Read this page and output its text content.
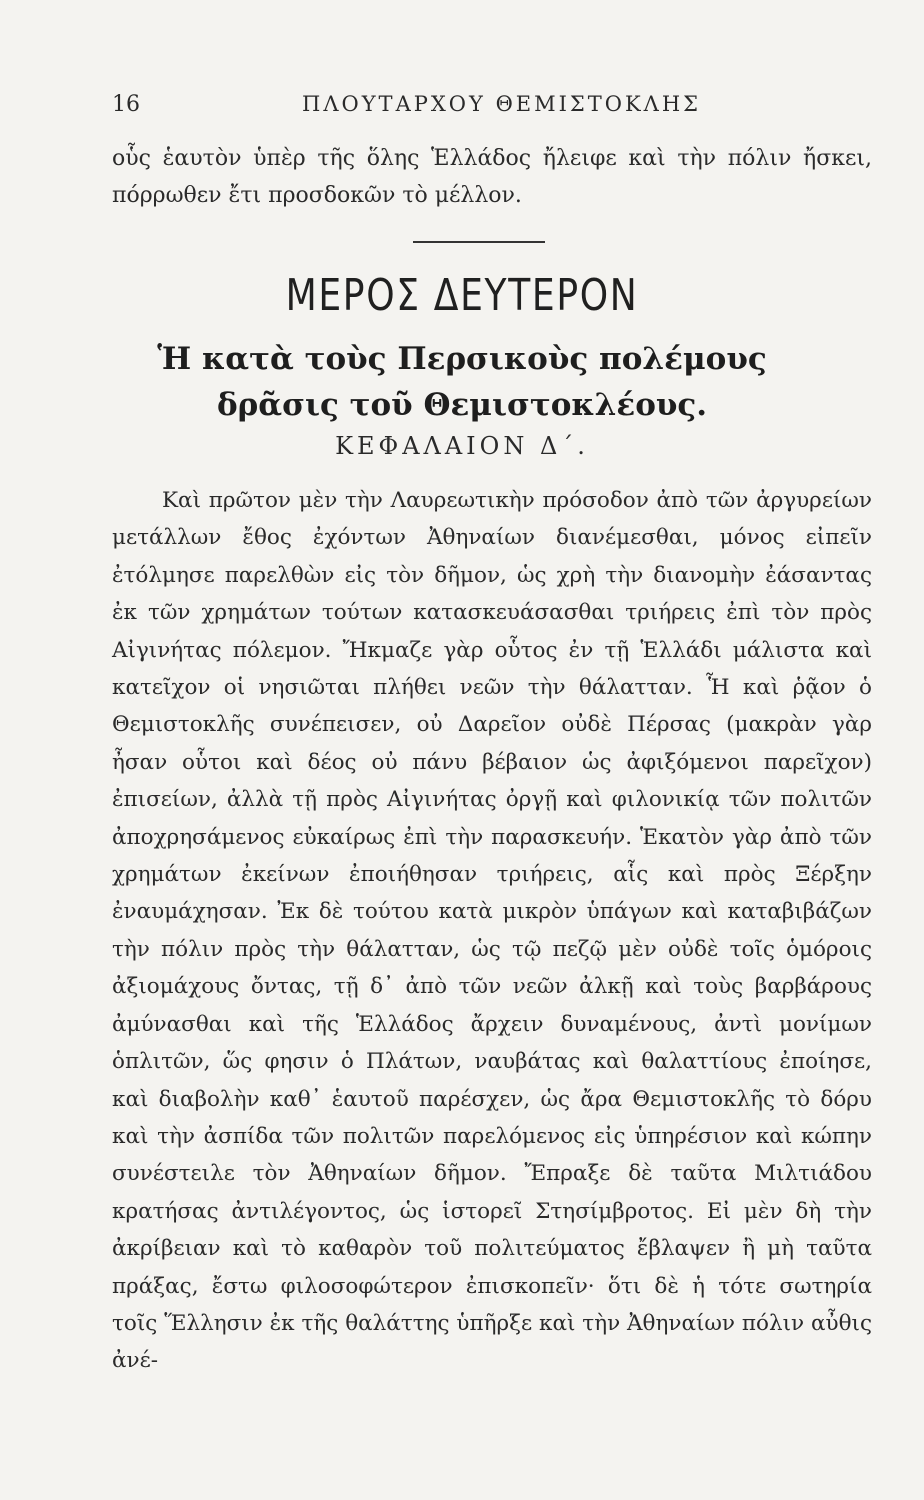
16	ΠΛΟΥΤΑΡΧΟΥ ΘΕΜΙΣΤΟΚΛΗΣ

οὗς ἑαυτὸν ὑπὲρ τῆς ὅλης Ἑλλάδος ἤλειφε καὶ τὴν πόλιν ἤσκει, πόρρωθεν ἔτι προσδοκῶν τὸ μέλλον.

ΜΕΡΟΣ ΔΕΥΤΕΡΟΝ

Ἡ κατὰ τοὺς Περσικοὺς πολέμους

δρᾶσις τοῦ Θεμιστοκλέους.

ΚΕΦΑΛΑΙΟΝ Δ΄.

Καὶ πρῶτον μὲν τὴν Λαυρεωτικὴν πρόσοδον ἀπὸ τῶν ἀργυρείων μετάλλων ἔθος ἐχόντων Ἀθηναίων διανέμεσθαι, μόνος εἰπεῖν ἐτόλμησε παρελθὼν εἰς τὸν δῆμον, ὡς χρὴ τὴν διανομὴν ἐάσαντας ἐκ τῶν χρημάτων τούτων κατασκευάσασθαι τριήρεις ἐπὶ τὸν πρὸς Αἰγινήτας πόλεμον. Ἤκμαζε γὰρ οὗτος ἐν τῇ Ἑλλάδι μάλιστα καὶ κατεῖχον οἱ νησιῶται πλήθει νεῶν τὴν θάλατταν. Ἧ καὶ ῥᾷον ὁ Θεμιστοκλῆς συνέπεισεν, οὐ Δαρεῖον οὐδὲ Πέρσας (μακρὰν γὰρ ἦσαν οὗτοι καὶ δέος οὐ πάνυ βέβαιον ὡς ἀφιξόμενοι παρεῖχον) ἐπισείων, ἀλλὰ τῇ πρὸς Αἰγινήτας ὀργῇ καὶ φιλονικίᾳ τῶν πολιτῶν ἀποχρησάμενος εὐκαίρως ἐπὶ τὴν παρασκευήν. Ἑκατὸν γὰρ ἀπὸ τῶν χρημάτων ἐκείνων ἐποιήθησαν τριήρεις, αἷς καὶ πρὸς Ξέρξην ἐναυμάχησαν. Ἐκ δὲ τούτου κατὰ μικρὸν ὑπάγων καὶ καταβιβάζων τὴν πόλιν πρὸς τὴν θάλατταν, ὡς τῷ πεζῷ μὲν οὐδὲ τοῖς ὁμόροις ἀξιομάχους ὄντας, τῇ δ᾽ ἀπὸ τῶν νεῶν ἀλκῇ καὶ τοὺς βαρβάρους ἀμύνασθαι καὶ τῆς Ἑλλάδος ἄρχειν δυναμένους, ἀντὶ μονίμων ὁπλιτῶν, ὥς φησιν ὁ Πλάτων, ναυβάτας καὶ θαλαττίους ἐποίησε, καὶ διαβολὴν καθ᾽ ἑαυτοῦ παρέσχεν, ὡς ἄρα Θεμιστοκλῆς τὸ δόρυ καὶ τὴν ἀσπίδα τῶν πολιτῶν παρελόμενος εἰς ὑπηρέσιον καὶ κώπην συνέστειλε τὸν Ἀθηναίων δῆμον. Ἔπραξε δὲ ταῦτα Μιλτιάδου κρατήσας ἀντιλέγοντος, ὡς ἱστορεῖ Στησίμβροτος. Εἰ μὲν δὴ τὴν ἀκρίβειαν καὶ τὸ καθαρὸν τοῦ πολιτεύματος ἔβλαψεν ἢ μὴ ταῦτα πράξας, ἔστω φιλοσοφώτερον ἐπισκοπεῖν· ὅτι δὲ ἡ τότε σωτηρία τοῖς Ἕλλησιν ἐκ τῆς θαλάττης ὑπῆρξε καὶ τὴν Ἀθηναίων πόλιν αὖθις ἀνέ-
